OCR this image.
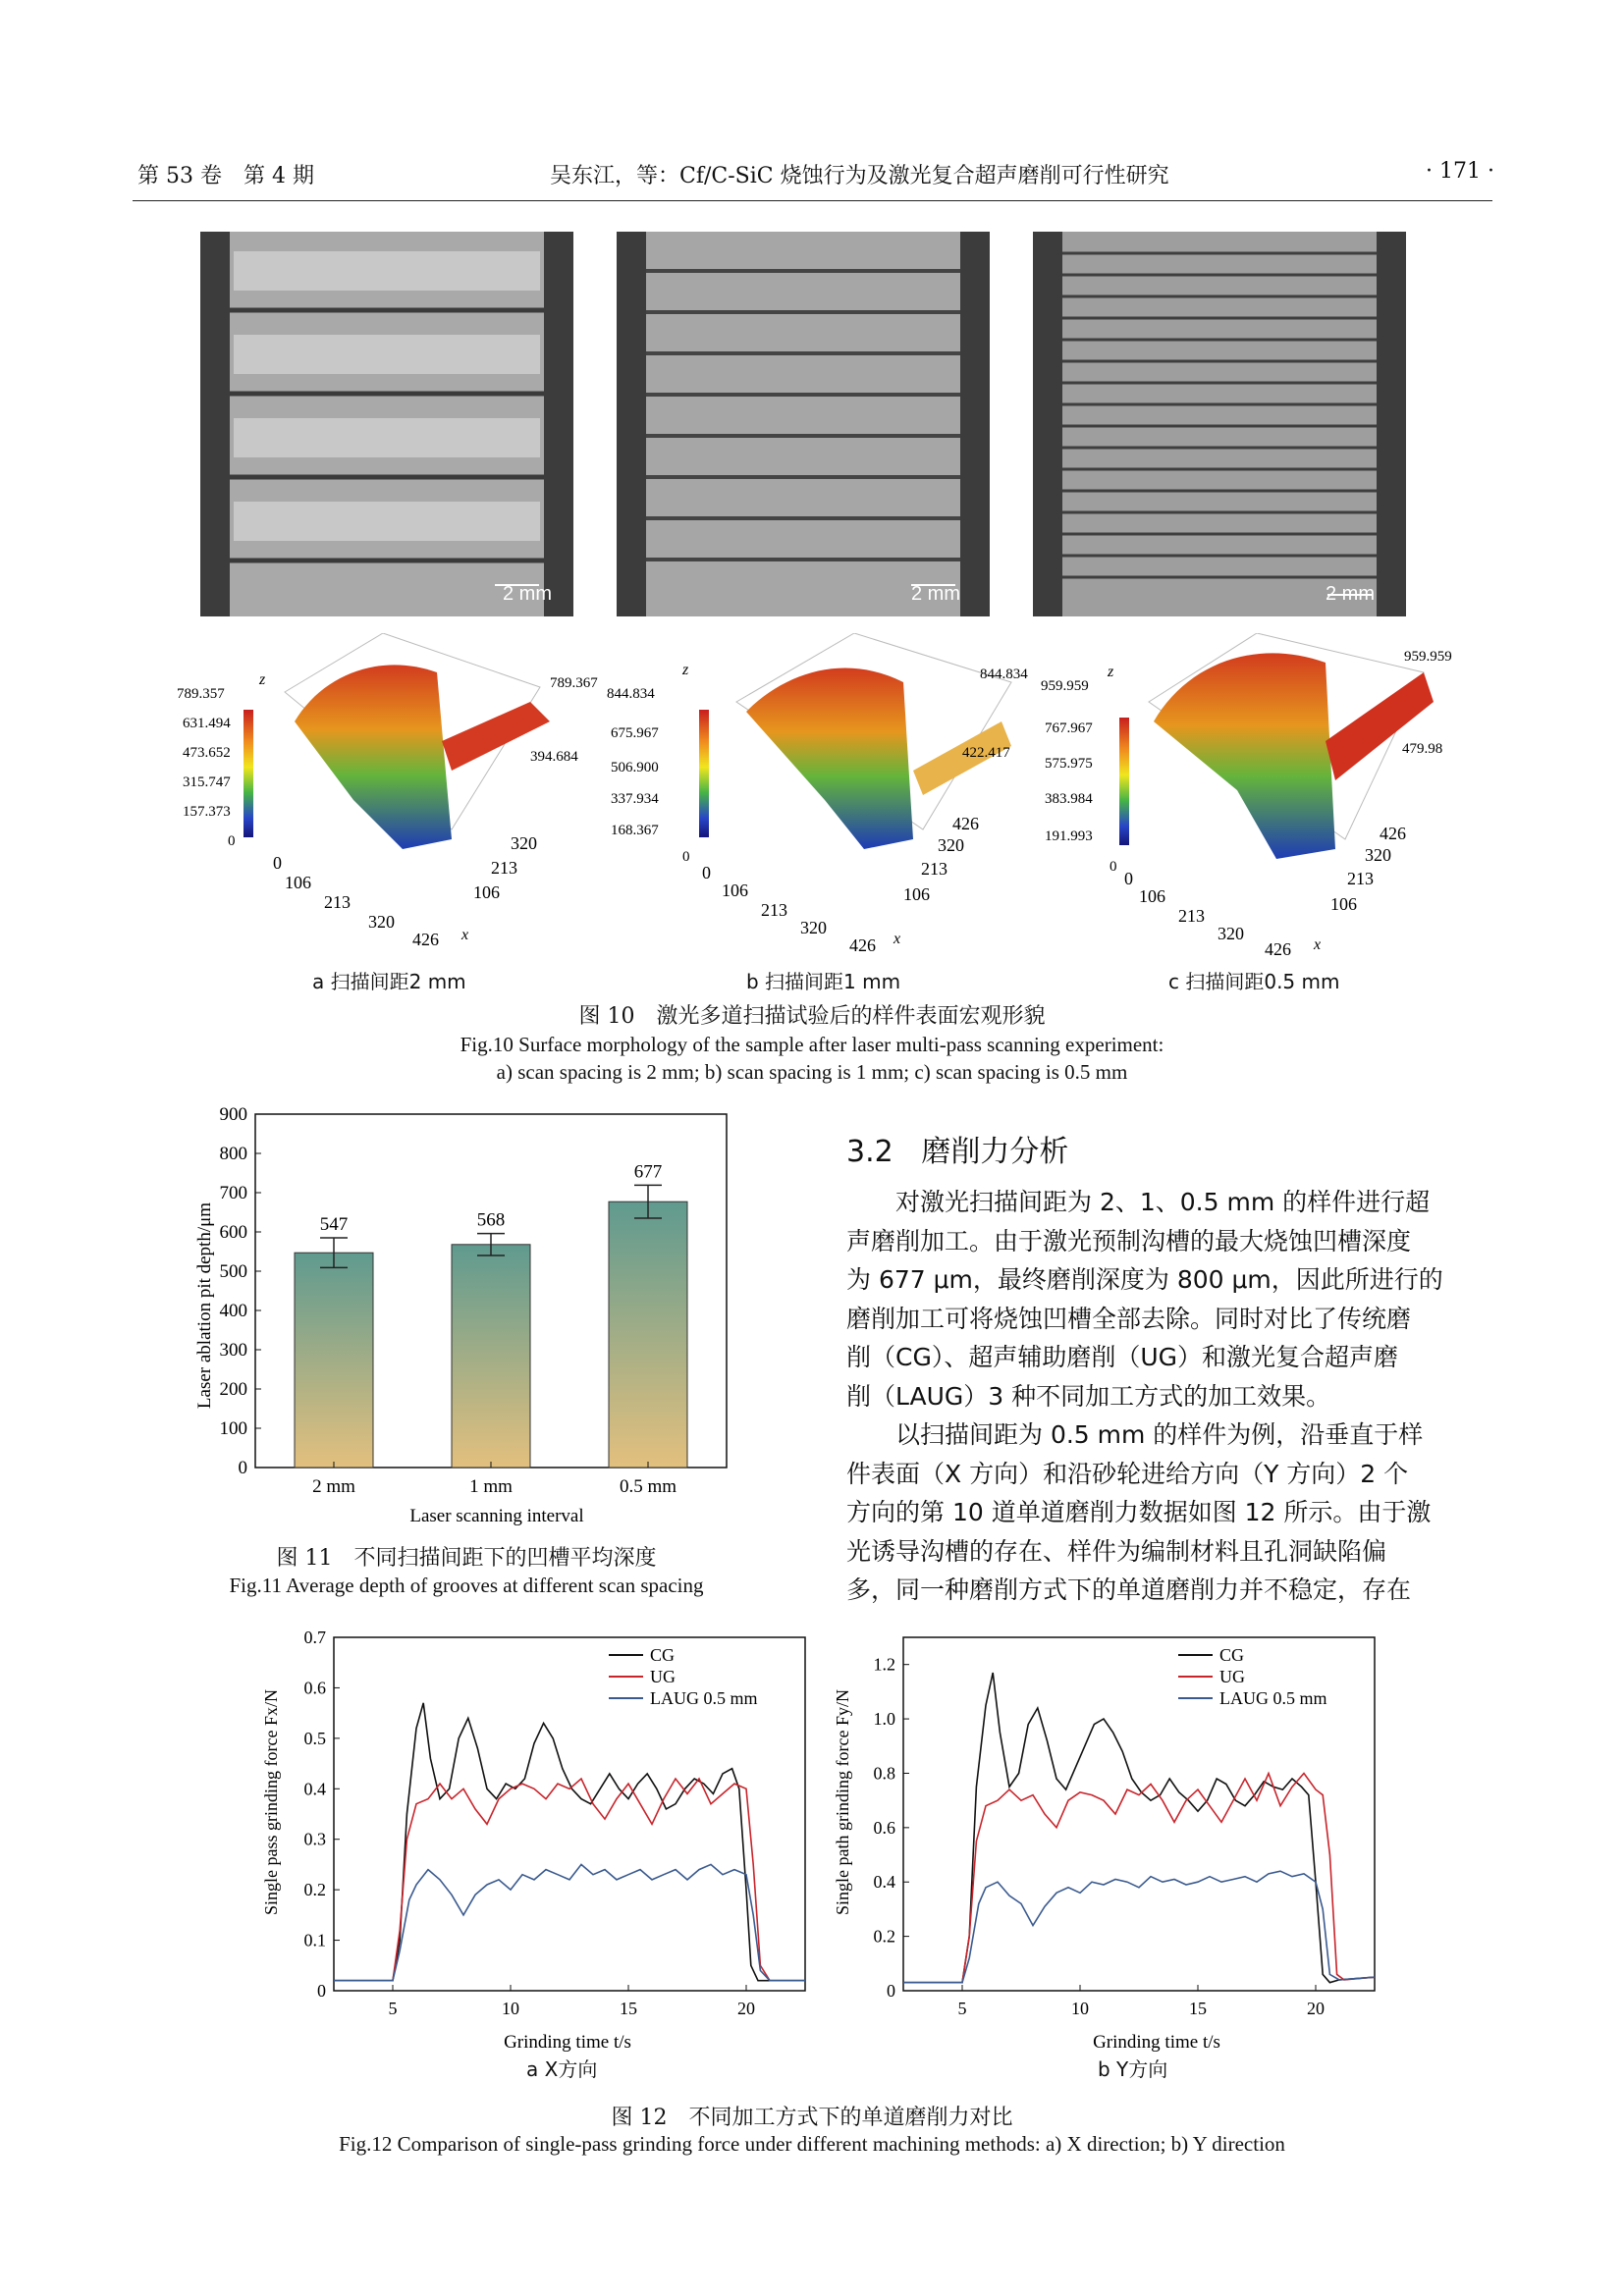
第 53 卷　第 4 期	吴东江，等：Cf/C-SiC 烧蚀行为及激光复合超声磨削可行性研究	· 171 ·
2 mm	2 mm	2 mm
z
789.357
631.494
473.652
315.747
157.373
0
789.367
394.684
320
213
106
0
106
213
320
426 x
z
844.834
675.967
506.900
337.934
168.367
0
844.834
422.417
426
320
213
106
0
106
213
320
426 x
z
959.959
767.967
575.975
383.984
191.993
0
959.959
479.98
426
320
213
106
0
106
213
320
426 x
a 扫描间距2 mm	b 扫描间距1 mm	c 扫描间距0.5 mm
图 10　激光多道扫描试验后的样件表面宏观形貌
Fig.10 Surface morphology of the sample after laser multi-pass scanning experiment:
a) scan spacing is 2 mm; b) scan spacing is 1 mm; c) scan spacing is 0.5 mm
0
100
200
300
400
500
600
700
800
900
547
2 mm
568
1 mm
677
0.5 mm
Laser ablation pit depth/μm
Laser scanning interval
图 11　不同扫描间距下的凹槽平均深度
Fig.11 Average depth of grooves at different scan spacing
3.2 磨削力分析
对激光扫描间距为 2、1、0.5 mm 的样件进行超
声磨削加工。由于激光预制沟槽的最大烧蚀凹槽深度
为 677 μm，最终磨削深度为 800 μm，因此所进行的
磨削加工可将烧蚀凹槽全部去除。同时对比了传统磨
削（CG）、超声辅助磨削（UG）和激光复合超声磨
削（LAUG）3 种不同加工方式的加工效果。
以扫描间距为 0.5 mm 的样件为例，沿垂直于样
件表面（X 方向）和沿砂轮进给方向（Y 方向）2 个
方向的第 10 道单道磨削力数据如图 12 所示。由于激
光诱导沟槽的存在、样件为编制材料且孔洞缺陷偏
多，同一种磨削方式下的单道磨削力并不稳定，存在
0
0.1
0.2
0.3
0.4
0.5
0.6
0.7
5	10	15	20
CG
UG
LAUG 0.5 mm
Single pass grinding force Fx/N
Grinding time t/s
a X方向
0
0.2
0.4
0.6
0.8
1.0
1.2
5	10	15	20
CG
UG
LAUG 0.5 mm
Single path grinding force Fy/N
Grinding time t/s
b Y方向
图 12　不同加工方式下的单道磨削力对比
Fig.12 Comparison of single-pass grinding force under different machining methods: a) X direction; b) Y direction
